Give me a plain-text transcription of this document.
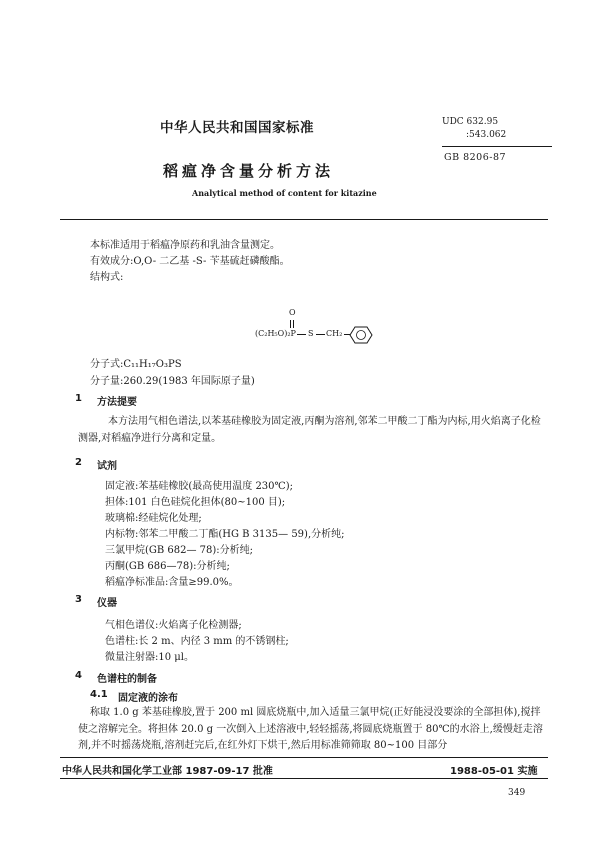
中华人民共和国国家标准	UDC 632.95
:543.062
GB 8206-87
稻瘟净含量分析方法
Analytical method of content for kitazine
本标准适用于稻瘟净原药和乳油含量测定。
有效成分:O,O- 二乙基 -S- 苄基硫赶磷酸酯。
结构式:
O
(C₂H₅O)₂P S CH₂
分子式:C₁₁H₁₇O₃PS
分子量:260.29(1983 年国际原子量)
1 方法提要
本方法用气相色谱法,以苯基硅橡胶为固定液,丙酮为溶剂,邻苯二甲酸二丁酯为内标,用火焰离子化检测器,对稻瘟净进行分离和定量。
2 试剂
固定液:苯基硅橡胶(最高使用温度 230℃);
担体:101 白色硅烷化担体(80~100 目);
玻璃棉:经硅烷化处理;
内标物:邻苯二甲酸二丁酯(HG B 3135— 59),分析纯;
三氯甲烷(GB 682— 78):分析纯;
丙酮(GB 686—78):分析纯;
稻瘟净标准品:含量≥99.0%。
3 仪器
气相色谱仪:火焰离子化检测器;
色谱柱:长 2 m、内径 3 mm 的不锈钢柱;
微量注射器:10 μl。
4 色谱柱的制备
4.1 固定液的涂布
称取 1.0 g 苯基硅橡胶,置于 200 ml 圆底烧瓶中,加入适量三氯甲烷(正好能浸没要涂的全部担体),搅拌使之溶解完全。将担体 20.0 g 一次倒入上述溶液中,轻轻摇荡,将圆底烧瓶置于 80℃的水浴上,缓慢赶走溶剂,并不时摇荡烧瓶,溶剂赶完后,在红外灯下烘干,然后用标准筛筛取 80~100 目部分
中华人民共和国化学工业部 1987-09-17 批准	1988-05-01 实施
349
